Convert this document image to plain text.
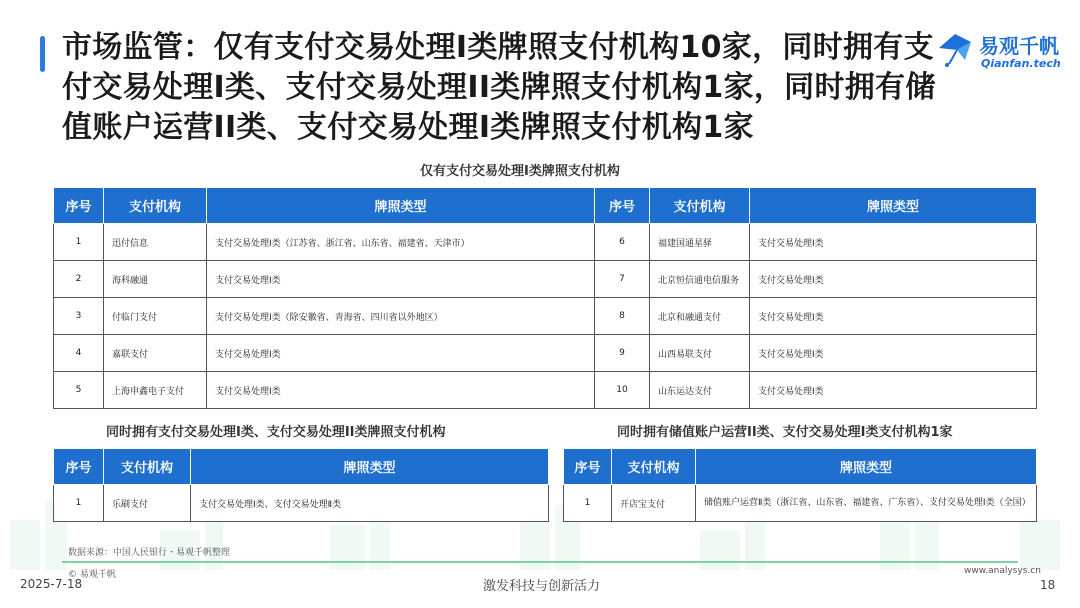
市场监管：仅有支付交易处理I类牌照支付机构10家，同时拥有支付交易处理I类、支付交易处理II类牌照支付机构1家，同时拥有储值账户运营II类、支付交易处理I类牌照支付机构1家
易观千帆
Qianfan.tech
仅有支付交易处理I类牌照支付机构
序号	支付机构	牌照类型	序号	支付机构	牌照类型
1	迅付信息	支付交易处理Ⅰ类（江苏省、浙江省、山东省、福建省、天津市）	6	福建国通星驿	支付交易处理Ⅰ类
2	海科融通	支付交易处理Ⅰ类	7	北京恒信通电信服务	支付交易处理Ⅰ类
3	付临门支付	支付交易处理Ⅰ类（除安徽省、青海省、四川省以外地区）	8	北京和融通支付	支付交易处理Ⅰ类
4	嘉联支付	支付交易处理Ⅰ类	9	山西易联支付	支付交易处理Ⅰ类
5	上海申鑫电子支付	支付交易处理Ⅰ类	10	山东运达支付	支付交易处理Ⅰ类
同时拥有支付交易处理I类、支付交易处理II类牌照支付机构
序号	支付机构	牌照类型
1	乐刷支付	支付交易处理Ⅰ类、支付交易处理Ⅱ类
同时拥有储值账户运营II类、支付交易处理I类支付机构1家
序号	支付机构	牌照类型
1	开店宝支付	储值账户运营Ⅱ类（浙江省、山东省、福建省、广东省）、支付交易处理Ⅰ类（全国）
数据来源：中国人民银行・易观千帆整理
© 易观千帆
2025-7-18	激发科技与创新活力
www.analysys.cn
18
